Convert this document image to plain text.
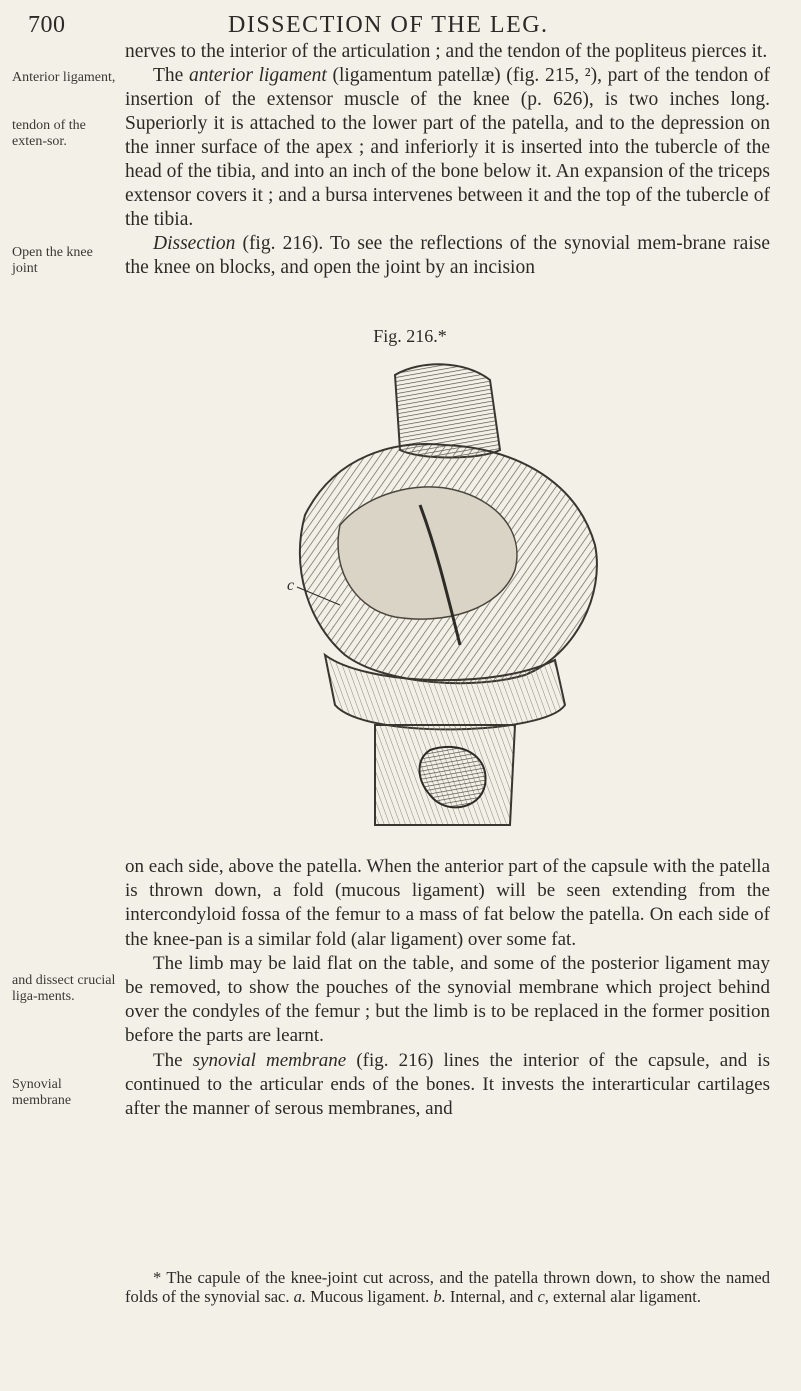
700	DISSECTION OF THE LEG.
Anterior ligament,
tendon of the exten-sor.
Open the knee joint
and dissect crucial liga-ments.
Synovial membrane

nerves to the interior of the articulation ; and the tendon of the popliteus pierces it.

The anterior ligament (ligamentum patellæ) (fig. 215, ²), part of the tendon of insertion of the extensor muscle of the knee (p. 626), is two inches long. Superiorly it is attached to the lower part of the patella, and to the depression on the inner surface of the apex ; and inferiorly it is inserted into the tubercle of the head of the tibia, and into an inch of the bone below it. An expansion of the triceps extensor covers it ; and a bursa intervenes between it and the top of the tubercle of the tibia.

Dissection (fig. 216). To see the reflections of the synovial mem-brane raise the knee on blocks, and open the joint by an incision

Fig. 216.*
c

on each side, above the patella. When the anterior part of the capsule with the patella is thrown down, a fold (mucous ligament) will be seen extending from the intercondyloid fossa of the femur to a mass of fat below the patella. On each side of the knee-pan is a similar fold (alar ligament) over some fat.

The limb may be laid flat on the table, and some of the posterior ligament may be removed, to show the pouches of the synovial membrane which project behind over the condyles of the femur ; but the limb is to be replaced in the former position before the parts are learnt.

The synovial membrane (fig. 216) lines the interior of the capsule, and is continued to the articular ends of the bones. It invests the interarticular cartilages after the manner of serous membranes, and

* The capule of the knee-joint cut across, and the patella thrown down, to show the named folds of the synovial sac. a. Mucous ligament. b. Internal, and c, external alar ligament.
